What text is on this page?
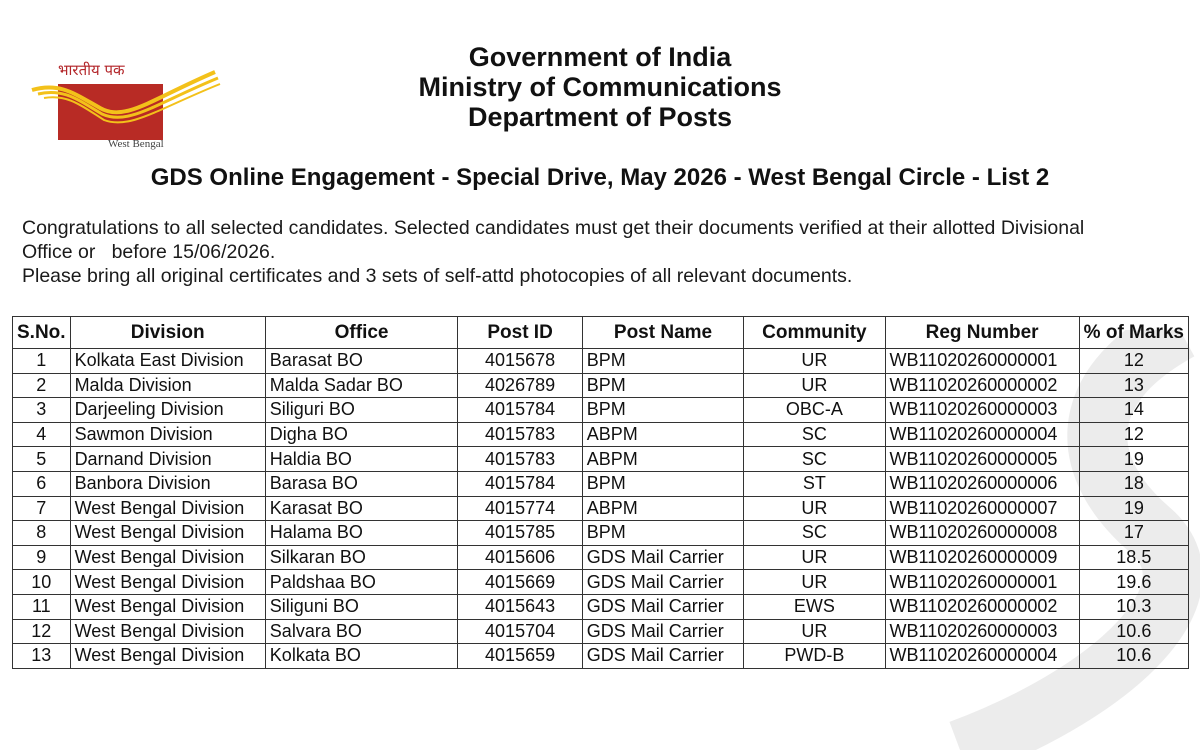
भारतीय पक
West Bengal
Government of India
Ministry of Communications
Department of Posts
GDS Online Engagement - Special Drive, May 2026 - West Bengal Circle - List 2
Congratulations to all selected candidates. Selected candidates must get their documents verified at their allotted Divisional
Office or   before 15/06/2026.
Please bring all original certificates and 3 sets of self-attd photocopies of all relevant documents.
S.No.	Division	Office	Post ID	Post Name	Community	Reg Number	% of Marks
1	Kolkata East Division	Barasat BO	4015678	BPM	UR	WB11020260000001	12
2	Malda Division	Malda Sadar BO	4026789	BPM	UR	WB11020260000002	13
3	Darjeeling Division	Siliguri BO	4015784	BPM	OBC-A	WB11020260000003	14
4	Sawmon Division	Digha BO	4015783	ABPM	SC	WB11020260000004	12
5	Darnand Division	Haldia BO	4015783	ABPM	SC	WB11020260000005	19
6	Banbora Division	Barasa BO	4015784	BPM	ST	WB11020260000006	18
7	West Bengal Division	Karasat BO	4015774	ABPM	UR	WB11020260000007	19
8	West Bengal Division	Halama BO	4015785	BPM	SC	WB11020260000008	17
9	West Bengal Division	Silkaran BO	4015606	GDS Mail Carrier	UR	WB11020260000009	18.5
10	West Bengal Division	Paldshaa BO	4015669	GDS Mail Carrier	UR	WB11020260000001	19.6
11	West Bengal Division	Siliguni BO	4015643	GDS Mail Carrier	EWS	WB11020260000002	10.3
12	West Bengal Division	Salvara BO	4015704	GDS Mail Carrier	UR	WB11020260000003	10.6
13	West Bengal Division	Kolkata BO	4015659	GDS Mail Carrier	PWD-B	WB11020260000004	10.6
